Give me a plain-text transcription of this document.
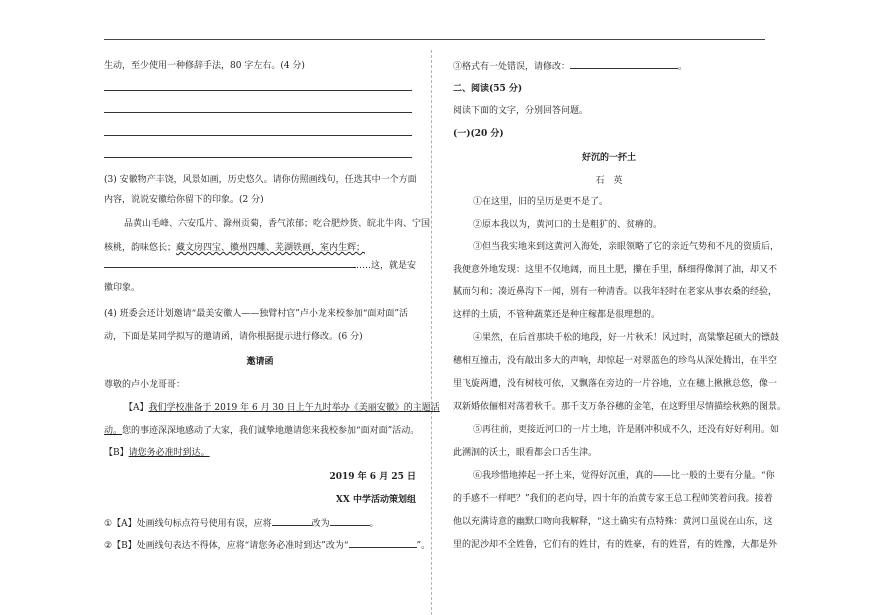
生动，至少使用一种修辞手法，80 字左右。(4 分)
(3) 安徽物产丰饶，风景如画，历史悠久。请你仿照画线句，任选其中一个方面
内容，说说安徽给你留下的印象。(2 分)
品黄山毛峰、六安瓜片、滁州贡菊，香气浓郁；吃合肥炒货、皖北牛肉、宁国
核桃，韵味悠长；藏文房四宝、徽州四雕、芜湖铁画，室内生辉；
……这，就是安
徽印象。
(4) 班委会还计划邀请“最美安徽人——独臂村官”卢小龙来校参加“面对面”活
动，下面是某同学拟写的邀请函，请你根据提示进行修改。(6 分)
邀请函
尊敬的卢小龙哥哥：
【A】我们学校准备于 2019 年 6 月 30 日上午九时举办《美丽安徽》的主题活
动。您的事迹深深地感动了大家，我们诚挚地邀请您来我校参加“面对面”活动。
【B】请您务必准时到达。
2019 年 6 月 25 日
XX 中学活动策划组
①【A】处画线句标点符号使用有误，应将	改为	。
②【B】处画线句表达不得体，应将“请您务必准时到达”改为“	”。
③格式有一处错误，请修改：	。
二、阅读(55 分)
阅读下面的文字，分别回答问题。
(一)(20 分)
好沉的一抔土
石　英
①在这里，旧的呈历是更不是了。
②原本我以为，黄河口的土是粗犷的、贫瘠的。
③但当我实地来到这黄河入海处，亲眼领略了它的亲近气势和不凡的资质后，
我便意外地发现：这里不仅地阔，而且土肥，攥在手里，酥细得像洞了油，却又不
腻而匀和；凑近鼻沟下一闻，别有一种清香。以我年轻时在老家从事农桑的经验，
这样的土质，不管种蔬菜还是种庄稼都是很理想的。
④果然，在后首那块千松的地段，好一片秋禾！风过时，高粱擎起硕大的镖鼓
穗相互撞击，没有敲出多大的声响，却惊起一对翠蓝色的珍鸟从深处腾出，在半空
里飞旋两遭，没有树枝可依，又飘落在旁边的一片谷地，立在穗上揪揪总悠，像一
双新婚依俪相对荡着秋千。那千支万条谷穗的金笔，在这野里尽情描绘秋熟的图景。
⑤再往前，更接近河口的一片土地，许是刚冲积成不久，还没有好好利用。如
此溯洄的沃土，眼看都会口舌生津。
⑥我珍惜地捧起一抔土来，觉得好沉重，真的——比一般的土要有分量。“你
的手感不一样吧？”我们的老向导，四十年的治黄专家王总工程师笑着问我。接着
他以充满诗意的幽默口吻向我解释，“这土确实有点特殊：黄河口虽说在山东，这
里的泥沙却不全姓鲁，它们有的姓甘，有的姓豪，有的姓晋，有的姓豫，大都是外
